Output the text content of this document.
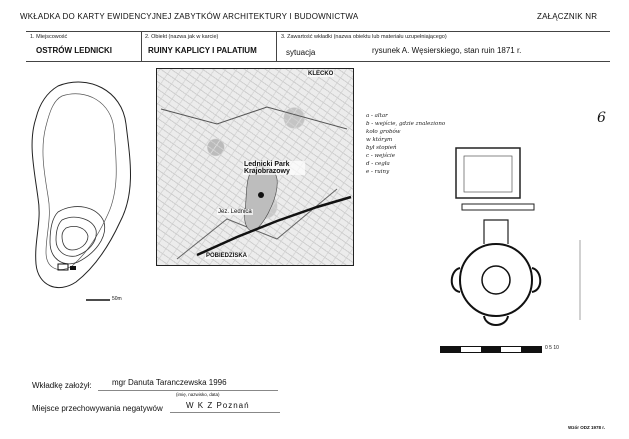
WKŁADKA DO KARTY EWIDENCYJNEJ ZABYTKÓW ARCHITEKTURY I BUDOWNICTWA	ZAŁĄCZNIK NR
1. Miejscowość
OSTRÓW LEDNICKI
2. Obiekt (nazwa jak w karcie)
RUINY KAPLICY I PALATIUM
3. Zawartość wkładki (nazwa obiektu lub materiału uzupełniającego)
sytuacja	rysunek A. Węsierskiego, stan ruin 1871 r.
50m
KLECKO
Lednicki Park Krajobrazowy
Jez. Lednica
POBIEDZISKA
6
a - altar
b - wejście, gdzie znaleziono
koło grobów
w którym
był stopień
c - wejście
d - cegła
e - ruiny
0 5 10
Wkładkę założył:	mgr Danuta Taranczewska 1996
(imię, nazwisko, data)
Miejsce przechowywania negatywów	W K Z Poznań
Wzór ODZ 1978 r.
